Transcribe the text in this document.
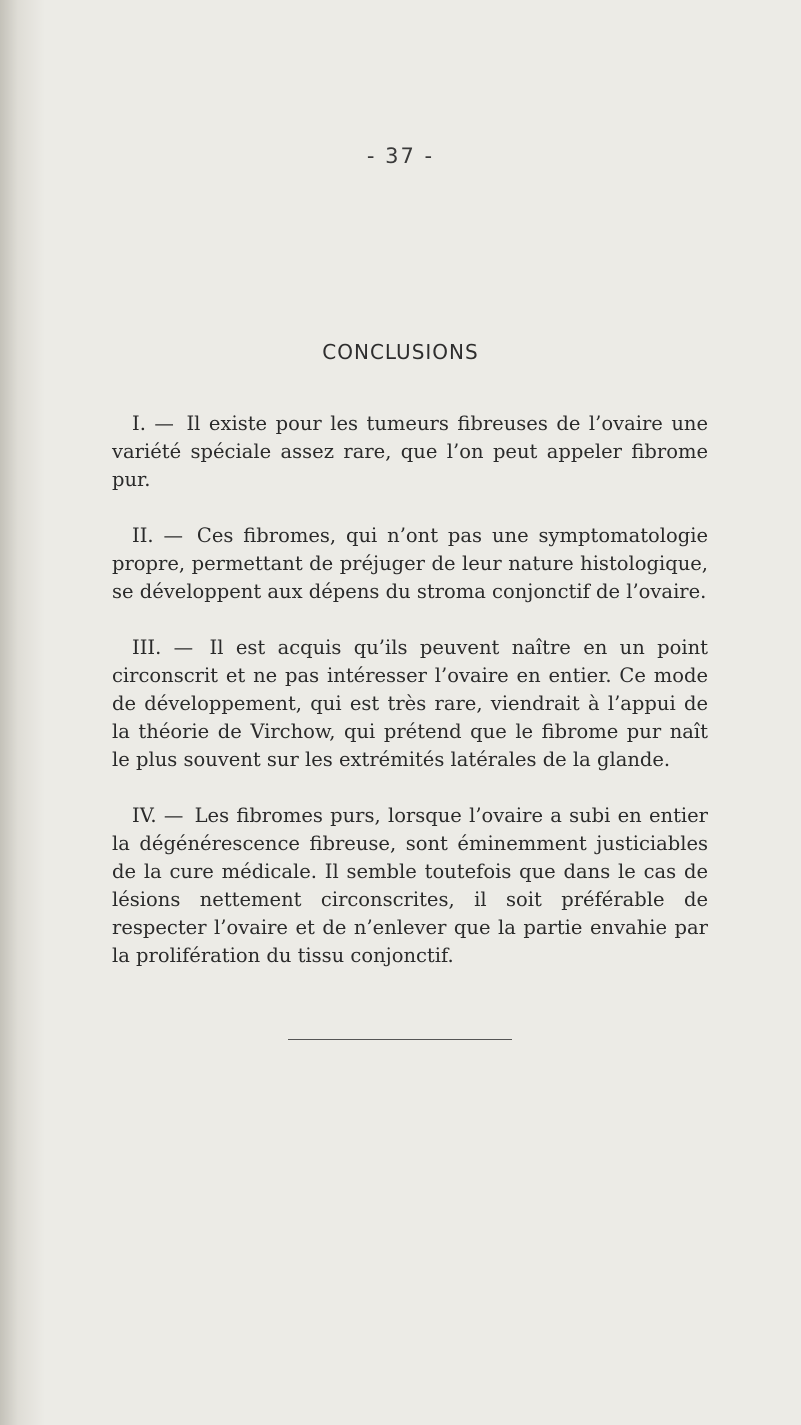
- 37 -
CONCLUSIONS

I. — Il existe pour les tumeurs fibreuses de l’ovaire une variété spéciale assez rare, que l’on peut appeler fibrome pur.

II. — Ces fibromes, qui n’ont pas une symptomatologie propre, permettant de préjuger de leur nature histologique, se développent aux dépens du stroma conjonctif de l’ovaire.

III. — Il est acquis qu’ils peuvent naître en un point circonscrit et ne pas intéresser l’ovaire en entier. Ce mode de développement, qui est très rare, viendrait à l’appui de la théorie de Virchow, qui prétend que le fibrome pur naît le plus souvent sur les extrémités latérales de la glande.

IV. — Les fibromes purs, lorsque l’ovaire a subi en entier la dégénérescence fibreuse, sont éminemment justiciables de la cure médicale. Il semble toutefois que dans le cas de lésions nettement circonscrites, il soit préférable de respecter l’ovaire et de n’enlever que la partie envahie par la prolifération du tissu conjonctif.
